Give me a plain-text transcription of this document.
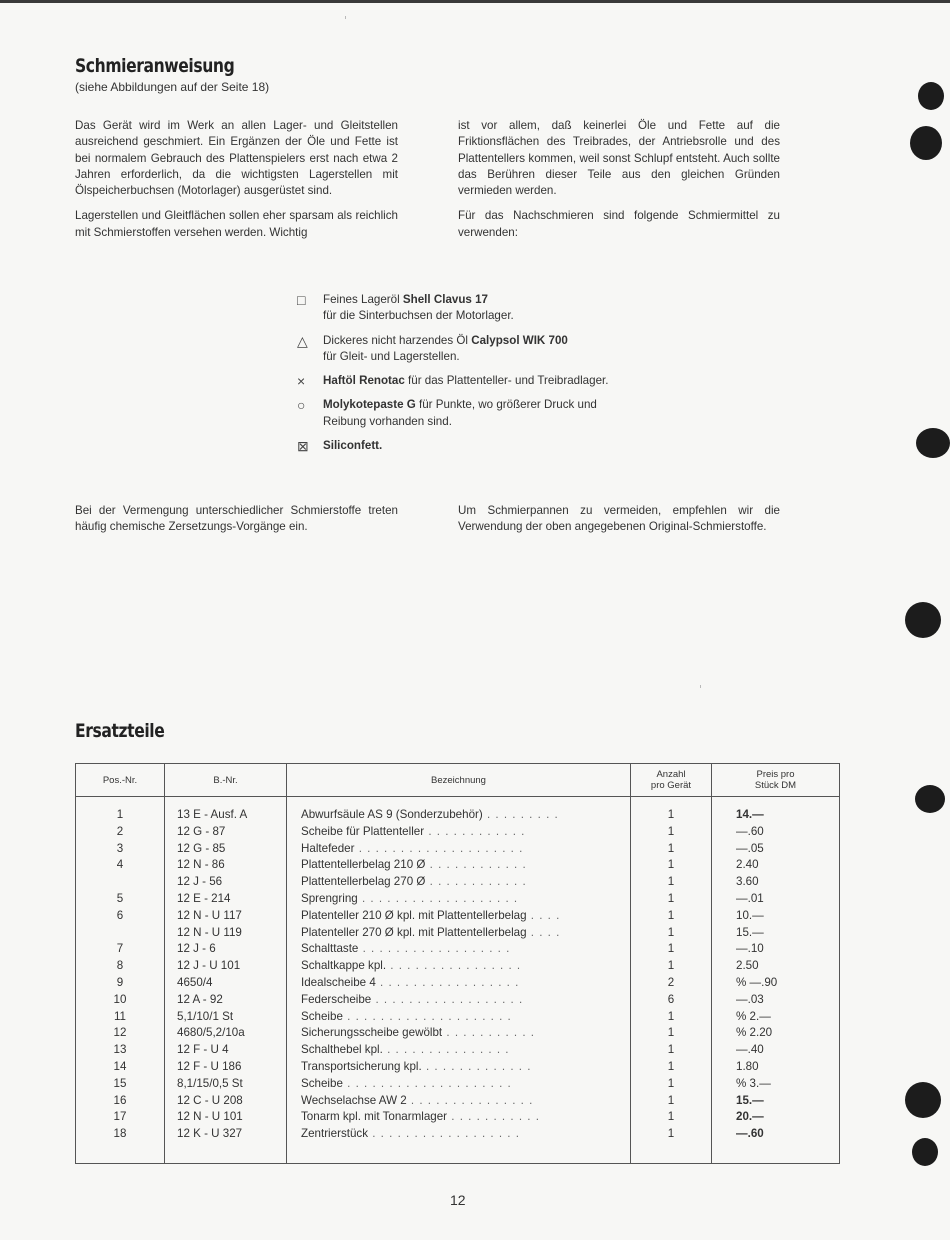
Schmieranweisung
(siehe Abbildungen auf der Seite 18)

Das Gerät wird im Werk an allen Lager- und Gleitstellen ausreichend geschmiert. Ein Ergänzen der Öle und Fette ist bei normalem Gebrauch des Plattenspielers erst nach etwa 2 Jahren erforderlich, da die wichtigsten Lagerstellen mit Ölspeicherbuchsen (Motorlager) ausgerüstet sind.

Lagerstellen und Gleitflächen sollen eher sparsam als reichlich mit Schmierstoffen versehen werden. Wichtig

ist vor allem, daß keinerlei Öle und Fette auf die Friktionsflächen des Treibrades, der Antriebsrolle und des Plattentellers kommen, weil sonst Schlupf entsteht. Auch sollte das Berühren dieser Teile aus den gleichen Gründen vermieden werden.

Für das Nachschmieren sind folgende Schmiermittel zu verwenden:

□	Feines Lageröl Shell Clavus 17
für die Sinterbuchsen der Motorlager.
△	Dickeres nicht harzendes Öl Calypsol WIK 700
für Gleit- und Lagerstellen.
×	Haftöl Renotac für das Plattenteller- und Treibradlager.
○	Molykotepaste G für Punkte, wo größerer Druck und Reibung vorhanden sind.
⊠	Siliconfett.

Bei der Vermengung unterschiedlicher Schmierstoffe treten häufig chemische Zersetzungs-Vorgänge ein.

Um Schmierpannen zu vermeiden, empfehlen wir die Verwendung der oben angegebenen Original-Schmierstoffe.

Ersatzteile
Pos.-Nr.	B.-Nr.	Bezeichnung	Anzahl
pro Gerät	Preis pro
Stück DM

1	13 E - Ausf. A	Abwurfsäule AS 9 (Sonderzubehör) . . . . . . . . .	1	14.—
2	12 G - 87	Scheibe für Plattenteller . . . . . . . . . . . .	1	—.60
3	12 G - 85	Haltefeder . . . . . . . . . . . . . . . . . . . .	1	—.05
4	12 N - 86	Plattentellerbelag 210 Ø . . . . . . . . . . . .	1	2.40
	12 J - 56	Plattentellerbelag 270 Ø . . . . . . . . . . . .	1	3.60
5	12 E - 214	Sprengring . . . . . . . . . . . . . . . . . . .	1	—.01
6	12 N - U 117	Platenteller 210 Ø kpl. mit Plattentellerbelag . . . .	1	10.—
	12 N - U 119	Platenteller 270 Ø kpl. mit Plattentellerbelag . . . .	1	15.—
7	12 J - 6	Schalttaste . . . . . . . . . . . . . . . . . .	1	—.10
8	12 J - U 101	Schaltkappe kpl. . . . . . . . . . . . . . . . .	1	2.50
9	4650/4	Idealscheibe 4 . . . . . . . . . . . . . . . . .	2	% —.90
10	12 A - 92	Federscheibe . . . . . . . . . . . . . . . . . .	6	—.03
11	5,1/10/1 St	Scheibe . . . . . . . . . . . . . . . . . . . .	1	% 2.—
12	4680/5,2/10a	Sicherungsscheibe gewölbt . . . . . . . . . . .	1	% 2.20
13	12 F - U 4	Schalthebel kpl. . . . . . . . . . . . . . . .	1	—.40
14	12 F - U 186	Transportsicherung kpl. . . . . . . . . . . . . .	1	1.80
15	8,1/15/0,5 St	Scheibe . . . . . . . . . . . . . . . . . . . .	1	% 3.—
16	12 C - U 208	Wechselachse AW 2 . . . . . . . . . . . . . . .	1	15.—
17	12 N - U 101	Tonarm kpl. mit Tonarmlager . . . . . . . . . . .	1	20.—
18	12 K - U 327	Zentrierstück . . . . . . . . . . . . . . . . . .	1	—.60

12
